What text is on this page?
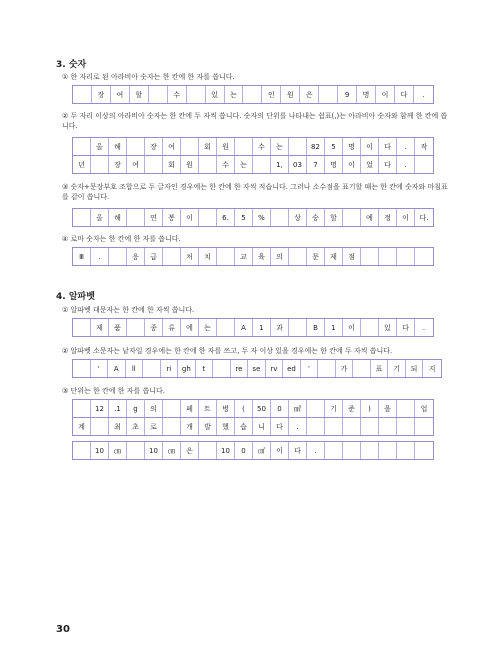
3. 숫자
① 한 자리로 된 아라비아 숫자는 한 칸에 한 자를 씁니다.
장	여	할	수	있	는	인	원	은	9	명	이	다	.
② 두 자리 이상의 아라비아 숫자는 한 칸에 두 자씩 씁니다. 숫자의 단위를 나타내는 쉼표(,)는 아라비아 숫자와 함께 한 칸에 씁니다.
올	해	장	여	회	원	수	는	82	5	명	이	다	.	작
년	장	여	회	원	수	는	1,	03	7	명	이	었	다	.
③ 숫자+문장부호 조합으로 두 글자인 경우에는 한 칸에 한 자씩 적습니다. 그러나 소수점을 표기할 때는 한 칸에 숫자와 마침표를 같이 씁니다.
올	해	연	봉	이	6.	5	%	상	승	할	예	정	이	다.
④ 로마 숫자는 한 칸에 한 자를 씁니다.
Ⅲ	.	응	급	처	치	교	육	의	문	제	점
4. 알파벳
① 알파벳 대문자는 한 칸에 한 자씩 씁니다.
제	품	종	류	에	는	A	1	과	B	1	이	있	다	.
② 알파벳 소문자는 낱자일 경우에는 한 칸에 한 자를 쓰고, 두 자 이상 있을 경우에는 한 칸에 두 자씩 씁니다.
‘	A	ll	ri	gh	t	re	se	rv	ed	’	가	표	기	되	지
③ 단위는 한 칸에 한 자를 씁니다.
12	.1	g	의	페	트	병	(	50	0	㎖	기	준	)	을	업
계	최	초	로	개	발	했	습	니	다	.
10	㎝	10	㎝	은	10	0	㎠	이	다	.
30
